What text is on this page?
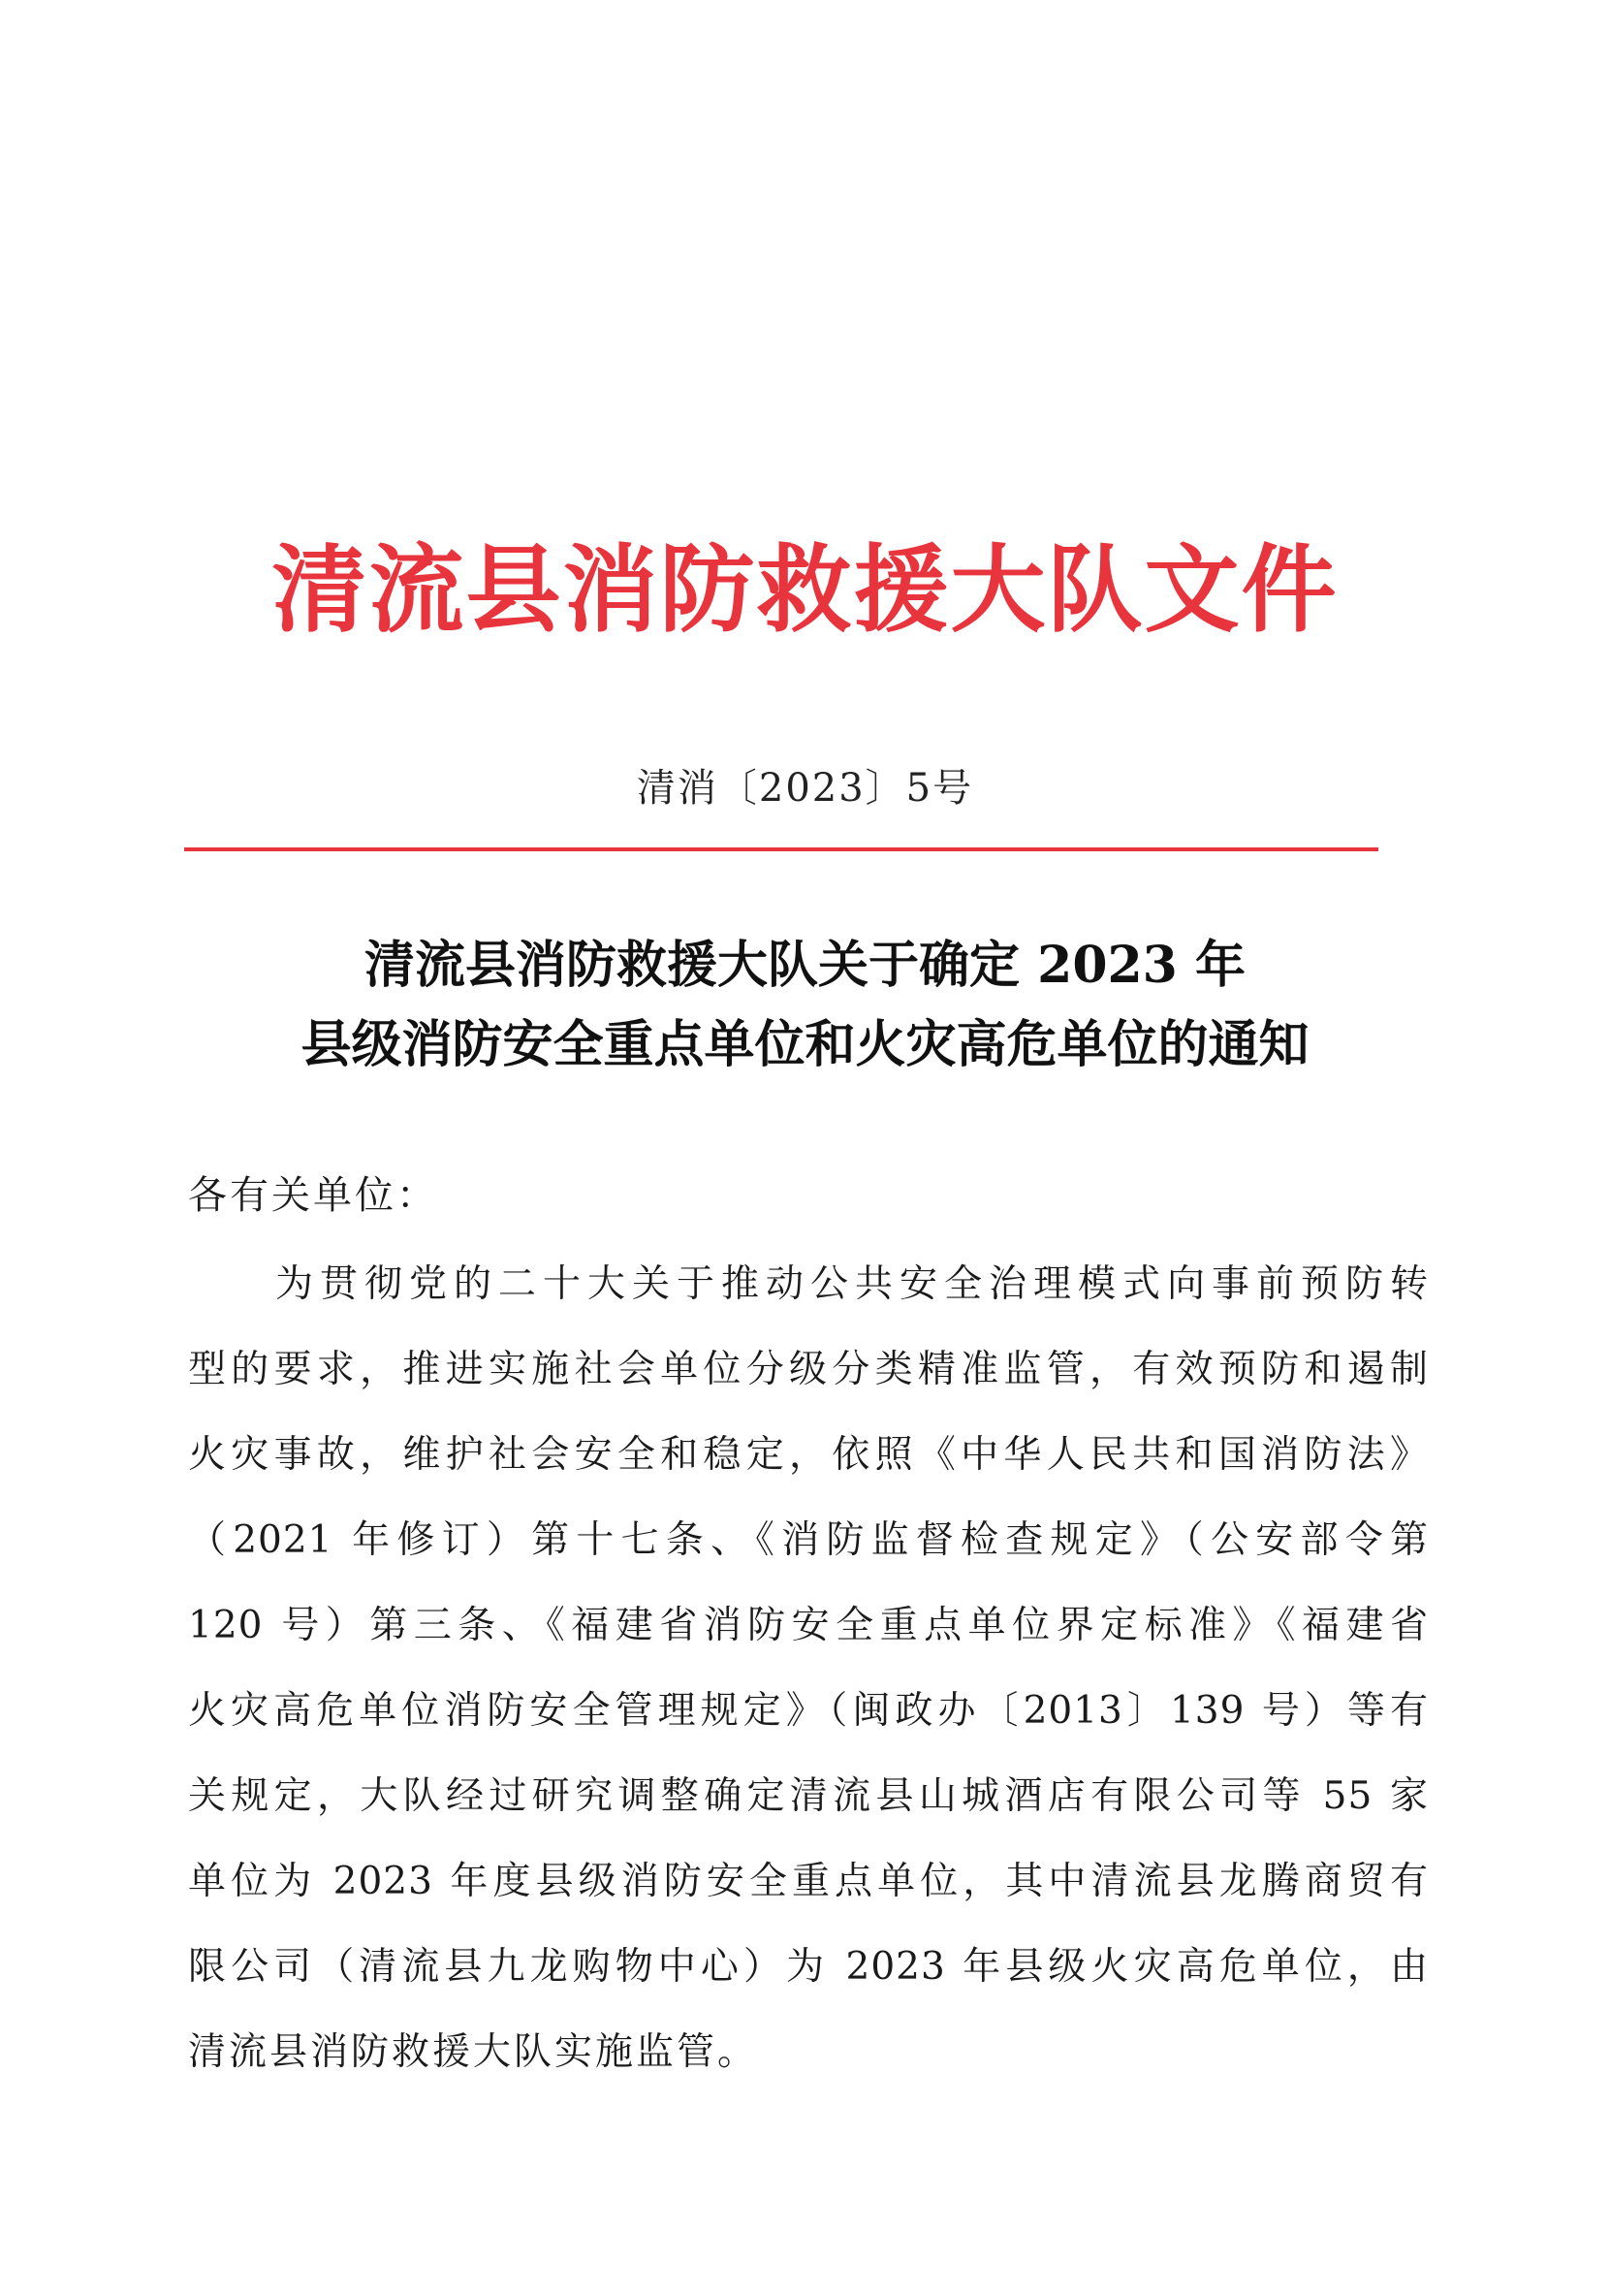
清流县消防救援大队文件
清消〔2023〕5号
清流县消防救援大队关于确定 2023 年
县级消防安全重点单位和火灾高危单位的通知
各有关单位：
为贯彻党的二十大关于推动公共安全治理模式向事前预防转
型的要求，推进实施社会单位分级分类精准监管，有效预防和遏制
火灾事故，维护社会安全和稳定，依照《中华人民共和国消防法》
（2021 年修订）第十七条、《消防监督检查规定》（公安部令第
120 号）第三条、《福建省消防安全重点单位界定标准》《福建省
火灾高危单位消防安全管理规定》（闽政办〔2013〕139 号）等有
关规定，大队经过研究调整确定清流县山城酒店有限公司等 55 家
单位为 2023 年度县级消防安全重点单位，其中清流县龙腾商贸有
限公司（清流县九龙购物中心）为 2023 年县级火灾高危单位，由
清流县消防救援大队实施监管。
